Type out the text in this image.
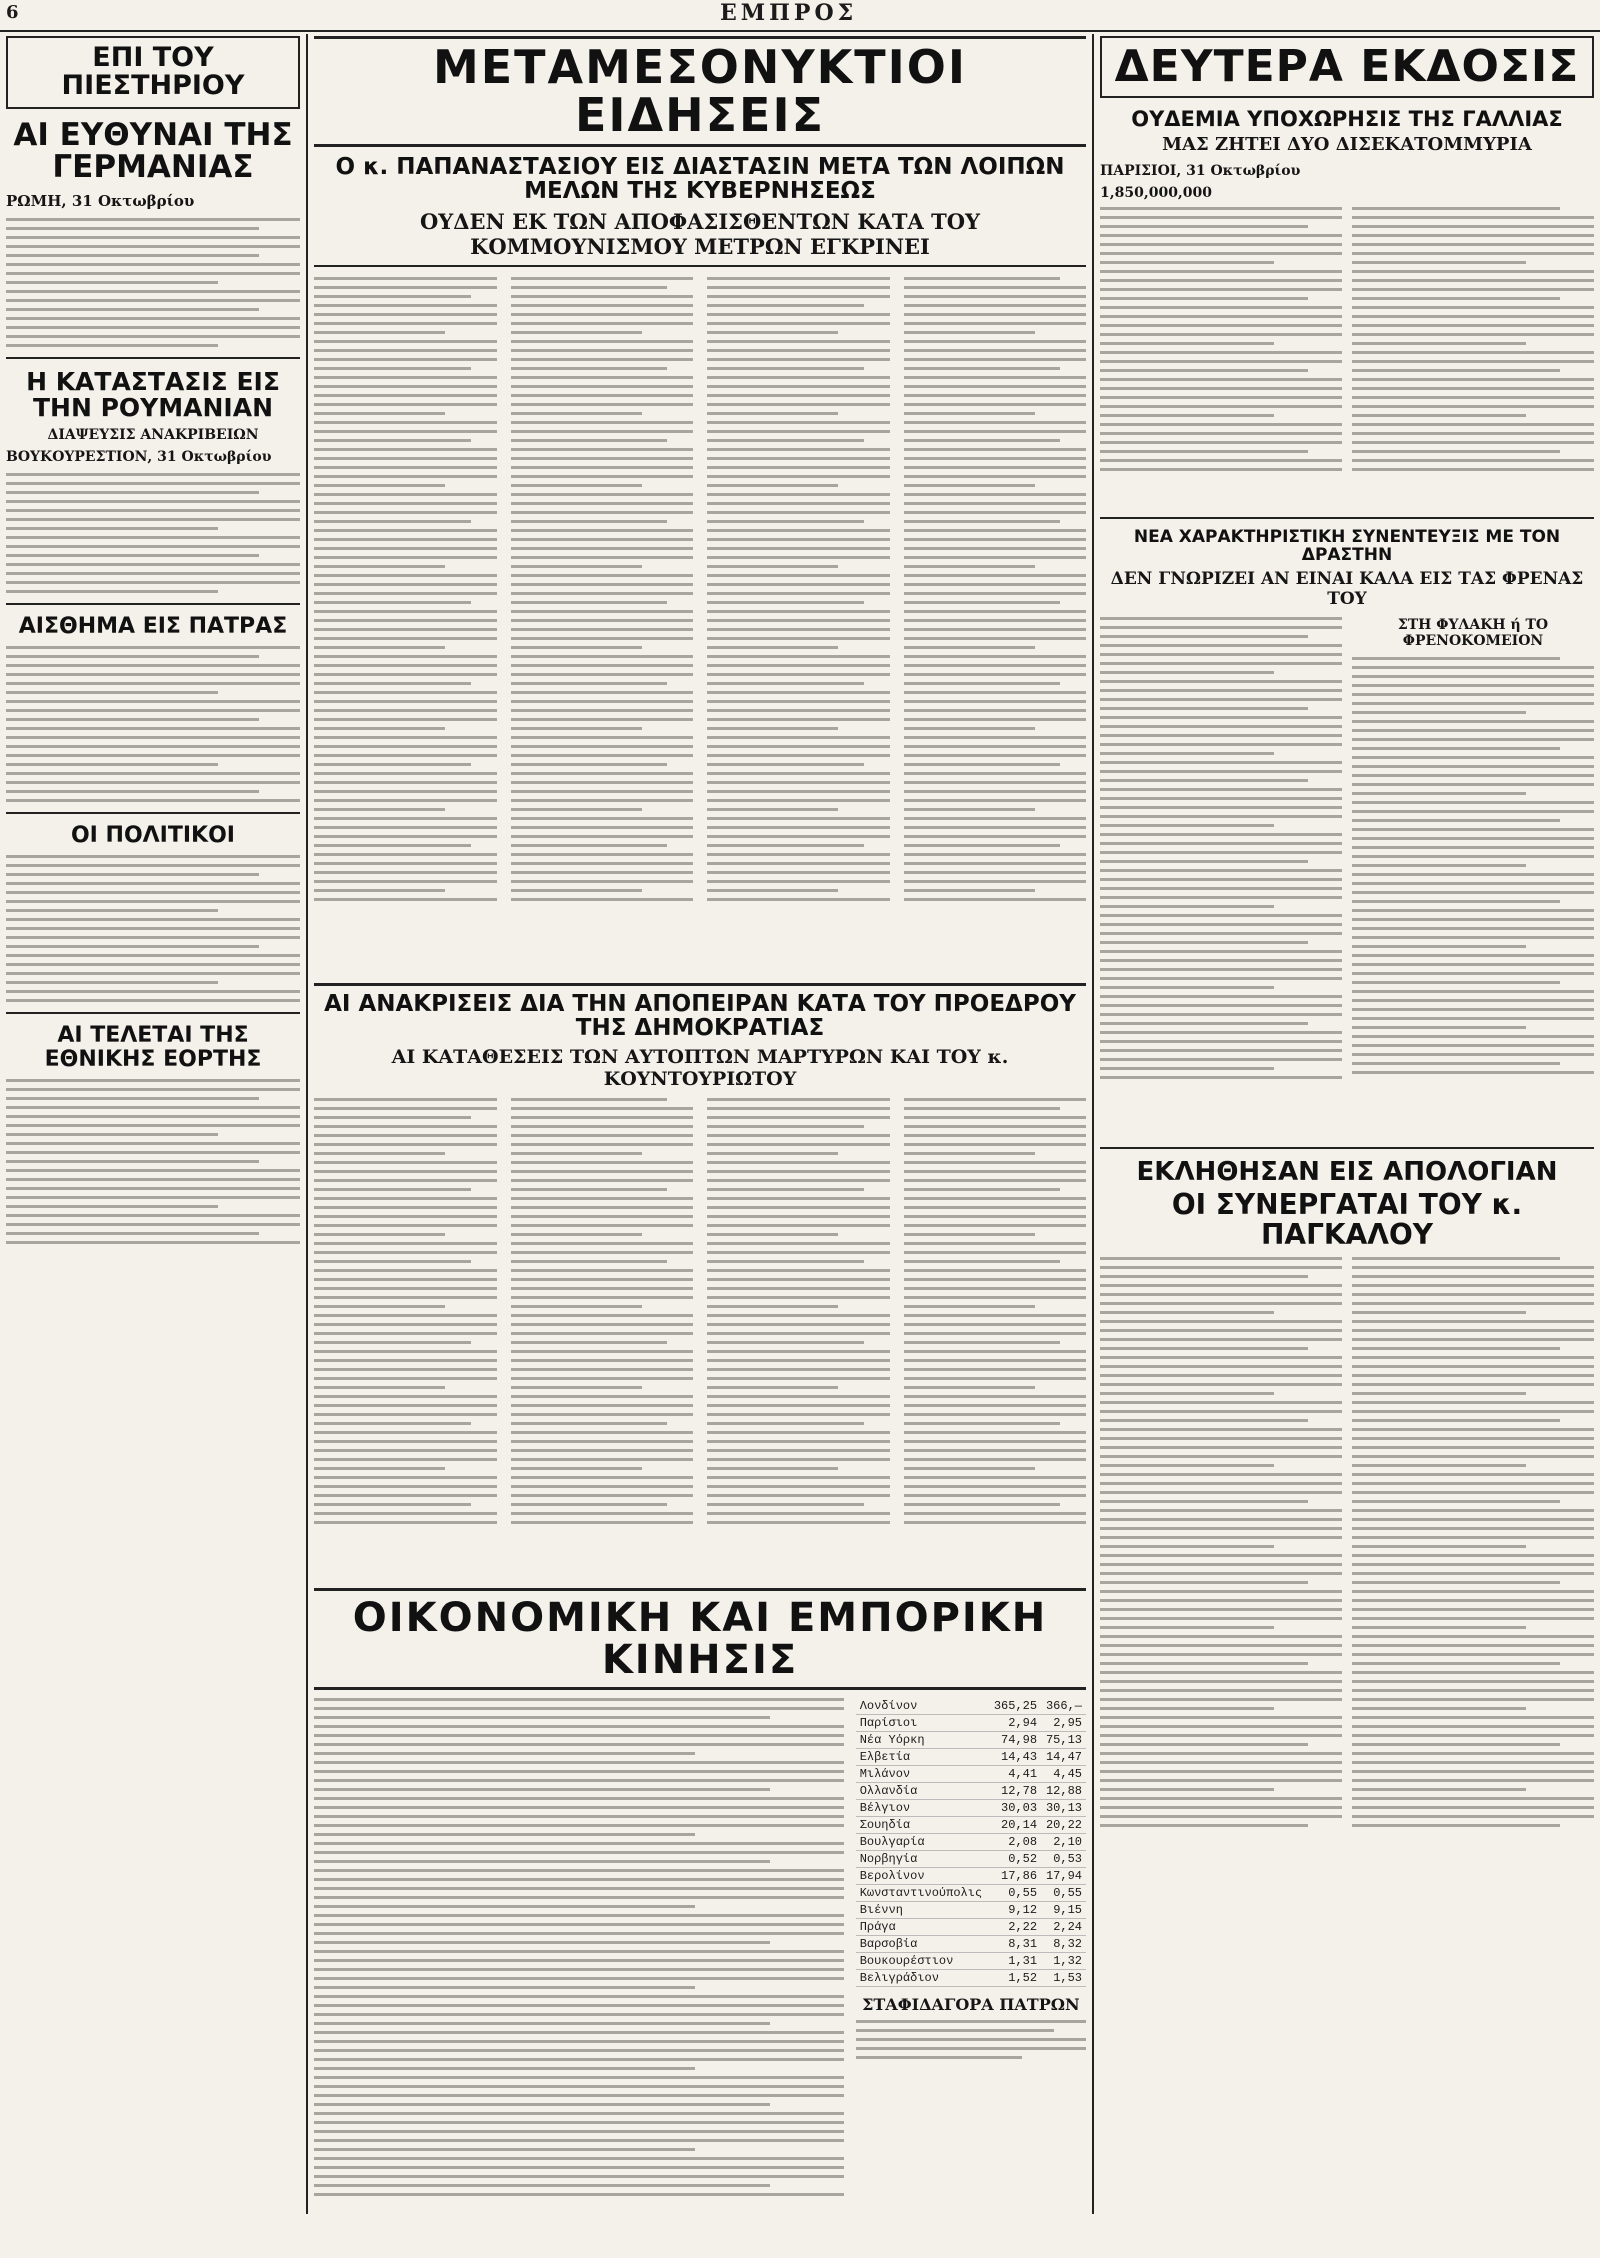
6	ΕΜΠΡΟΣ

ΕΠΙ ΤΟΥ ΠΙΕΣΤΗΡΙΟΥ

ΑΙ ΕΥΘΥΝΑΙ ΤΗΣ ΓΕΡΜΑΝΙΑΣ

ΡΩΜΗ, 31 Οκτωβρίου

Η ΚΑΤΑΣΤΑΣΙΣ ΕΙΣ ΤΗΝ ΡΟΥΜΑΝΙΑΝ

ΔΙΑΨΕΥΣΙΣ ΑΝΑΚΡΙΒΕΙΩΝ

ΒΟΥΚΟΥΡΕΣΤΙΟΝ, 31 Οκτωβρίου

ΑΙΣΘΗΜΑ ΕΙΣ ΠΑΤΡΑΣ

ΟΙ ΠΟΛΙΤΙΚΟΙ

ΑΙ ΤΕΛΕΤΑΙ ΤΗΣ ΕΘΝΙΚΗΣ ΕΟΡΤΗΣ

ΜΕΤΑΜΕΣΟΝΥΚΤΙΟΙ ΕΙΔΗΣΕΙΣ

Ο κ. ΠΑΠΑΝΑΣΤΑΣΙΟΥ ΕΙΣ ΔΙΑΣΤΑΣΙΝ ΜΕΤΑ ΤΩΝ ΛΟΙΠΩΝ ΜΕΛΩΝ ΤΗΣ ΚΥΒΕΡΝΗΣΕΩΣ

ΟΥΔΕΝ ΕΚ ΤΩΝ ΑΠΟΦΑΣΙΣΘΕΝΤΩΝ ΚΑΤΑ ΤΟΥ ΚΟΜΜΟΥΝΙΣΜΟΥ ΜΕΤΡΩΝ ΕΓΚΡΙΝΕΙ

ΑΙ ΑΝΑΚΡΙΣΕΙΣ ΔΙΑ ΤΗΝ ΑΠΟΠΕΙΡΑΝ ΚΑΤΑ ΤΟΥ ΠΡΟΕΔΡΟΥ ΤΗΣ ΔΗΜΟΚΡΑΤΙΑΣ

ΑΙ ΚΑΤΑΘΕΣΕΙΣ ΤΩΝ ΑΥΤΟΠΤΩΝ ΜΑΡΤΥΡΩΝ ΚΑΙ ΤΟΥ κ. ΚΟΥΝΤΟΥΡΙΩΤΟΥ

ΟΙΚΟΝΟΜΙΚΗ ΚΑΙ ΕΜΠΟΡΙΚΗ ΚΙΝΗΣΙΣ

Λονδίνον	365,25	366,—
Παρίσιοι	2,94	2,95
Νέα Υόρκη	74,98	75,13
Ελβετία	14,43	14,47
Μιλάνον	4,41	4,45
Ολλανδία	12,78	12,88
Βέλγιον	30,03	30,13
Σουηδία	20,14	20,22
Βουλγαρία	2,08	2,10
Νορβηγία	0,52	0,53
Βερολίνον	17,86	17,94
Κωνσταντινούπολις	0,55	0,55
Βιέννη	9,12	9,15
Πράγα	2,22	2,24
Βαρσοβία	8,31	8,32
Βουκουρέστιον	1,31	1,32
Βελιγράδιον	1,52	1,53

ΣΤΑΦΙΔΑΓΟΡΑ ΠΑΤΡΩΝ

ΔΕΥΤΕΡΑ ΕΚΔΟΣΙΣ

ΟΥΔΕΜΙΑ ΥΠΟΧΩΡΗΣΙΣ ΤΗΣ ΓΑΛΛΙΑΣ

ΜΑΣ ΖΗΤΕΙ ΔΥΟ ΔΙΣΕΚΑΤΟΜΜΥΡΙΑ

ΠΑΡΙΣΙΟΙ, 31 Οκτωβρίου

1,850,000,000

ΝΕΑ ΧΑΡΑΚΤΗΡΙΣΤΙΚΗ ΣΥΝΕΝΤΕΥΞΙΣ ΜΕ ΤΟΝ ΔΡΑΣΤΗΝ

ΔΕΝ ΓΝΩΡΙΖΕΙ ΑΝ ΕΙΝΑΙ ΚΑΛΑ ΕΙΣ ΤΑΣ ΦΡΕΝΑΣ ΤΟΥ

ΣΤΗ ΦΥΛΑΚΗ ή ΤΟ ΦΡΕΝΟΚΟΜΕΙΟΝ

ΕΚΛΗΘΗΣΑΝ ΕΙΣ ΑΠΟΛΟΓΙΑΝ

ΟΙ ΣΥΝΕΡΓΑΤΑΙ ΤΟΥ κ. ΠΑΓΚΑΛΟΥ
